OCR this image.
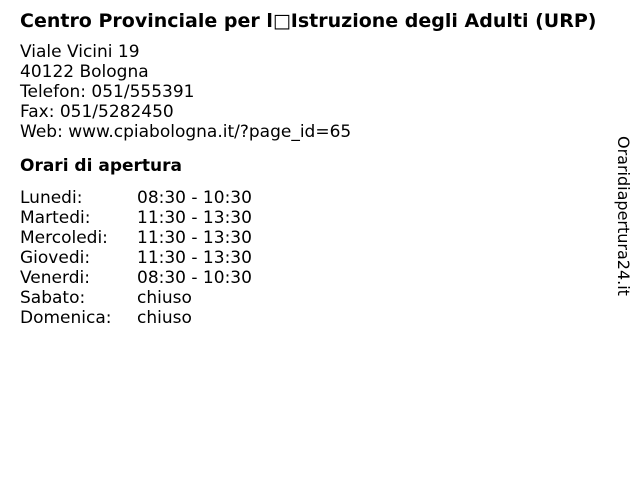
Centro Provinciale per l□Istruzione degli Adulti (URP)
Viale Vicini 19
40122 Bologna
Telefon: 051/555391
Fax: 051/5282450
Web: www.cpiabologna.it/?page_id=65
Orari di apertura
Lunedi:	08:30 - 10:30
Martedi:	11:30 - 13:30
Mercoledi:	11:30 - 13:30
Giovedi:	11:30 - 13:30
Venerdi:	08:30 - 10:30
Sabato:	chiuso
Domenica:	chiuso
Oraridiapertura24.it
